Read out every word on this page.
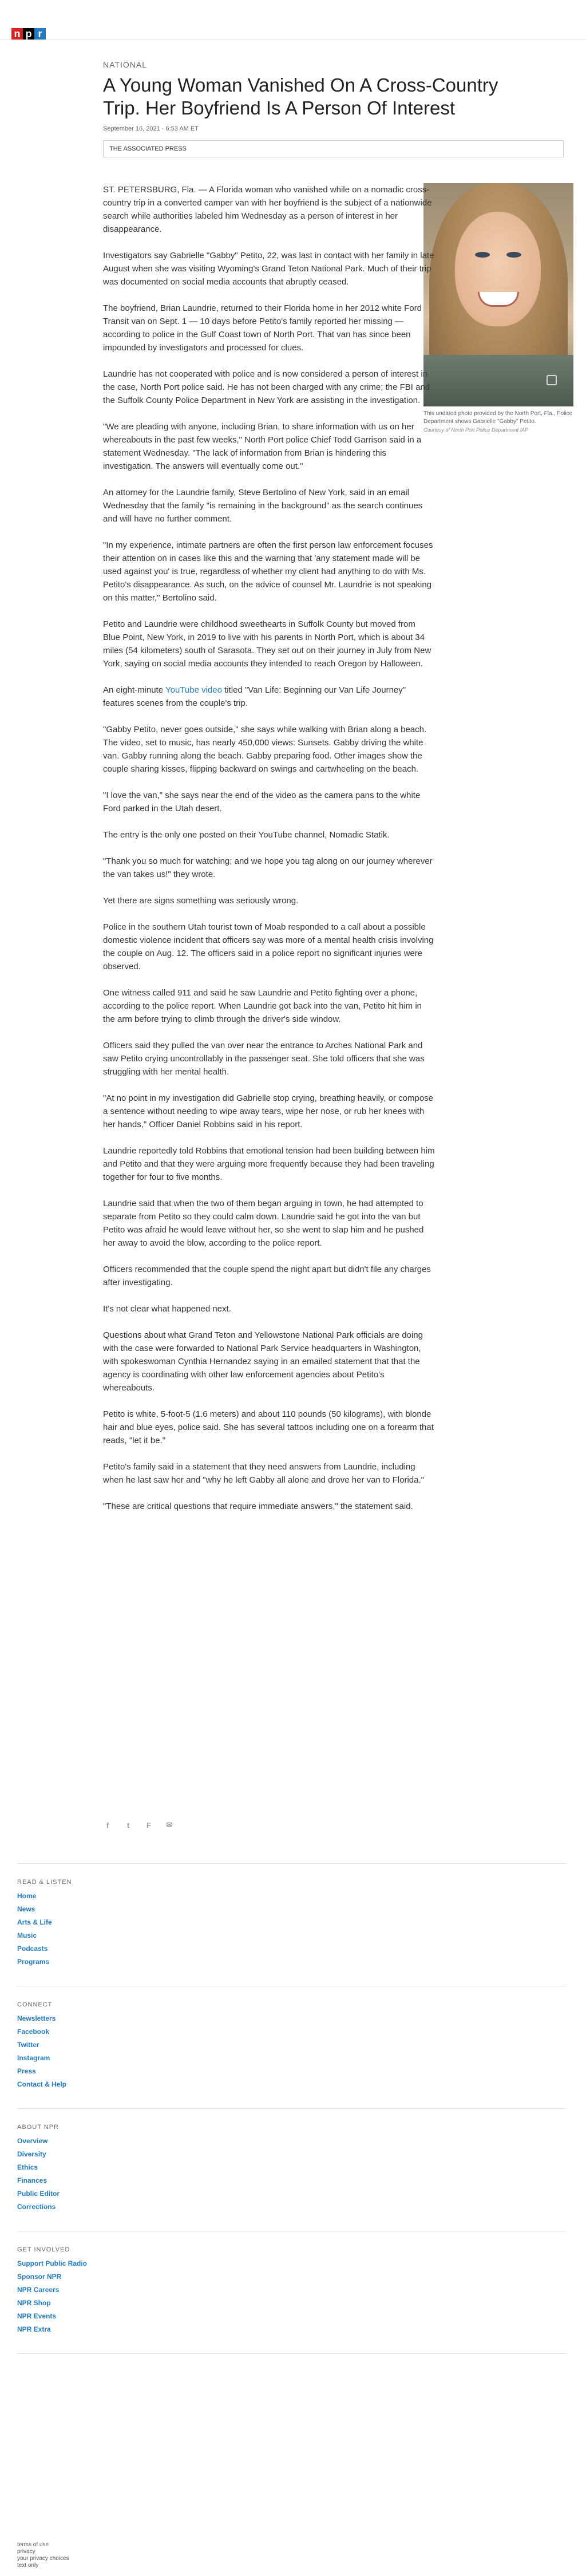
n p r
NATIONAL
A Young Woman Vanished On A Cross-Country Trip. Her Boyfriend Is A Person Of Interest
September 16, 2021 · 6:53 AM ET
THE ASSOCIATED PRESS
This undated photo provided by the North Port, Fla., Police Department shows Gabrielle "Gabby" Petito.
Courtesy of North Port Police Department /AP

ST. PETERSBURG, Fla. — A Florida woman who vanished while on a nomadic cross-country trip in a converted camper van with her boyfriend is the subject of a nationwide search while authorities labeled him Wednesday as a person of interest in her disappearance.

Investigators say Gabrielle "Gabby" Petito, 22, was last in contact with her family in late August when she was visiting Wyoming's Grand Teton National Park. Much of their trip was documented on social media accounts that abruptly ceased.

The boyfriend, Brian Laundrie, returned to their Florida home in her 2012 white Ford Transit van on Sept. 1 — 10 days before Petito's family reported her missing — according to police in the Gulf Coast town of North Port. That van has since been impounded by investigators and processed for clues.

Laundrie has not cooperated with police and is now considered a person of interest in the case, North Port police said. He has not been charged with any crime; the FBI and the Suffolk County Police Department in New York are assisting in the investigation.

"We are pleading with anyone, including Brian, to share information with us on her whereabouts in the past few weeks," North Port police Chief Todd Garrison said in a statement Wednesday. "The lack of information from Brian is hindering this investigation. The answers will eventually come out."

An attorney for the Laundrie family, Steve Bertolino of New York, said in an email Wednesday that the family "is remaining in the background" as the search continues and will have no further comment.

"In my experience, intimate partners are often the first person law enforcement focuses their attention on in cases like this and the warning that 'any statement made will be used against you' is true, regardless of whether my client had anything to do with Ms. Petito's disappearance. As such, on the advice of counsel Mr. Laundrie is not speaking on this matter," Bertolino said.

Petito and Laundrie were childhood sweethearts in Suffolk County but moved from Blue Point, New York, in 2019 to live with his parents in North Port, which is about 34 miles (54 kilometers) south of Sarasota. They set out on their journey in July from New York, saying on social media accounts they intended to reach Oregon by Halloween.

An eight-minute YouTube video titled "Van Life: Beginning our Van Life Journey" features scenes from the couple's trip.

"Gabby Petito, never goes outside," she says while walking with Brian along a beach. The video, set to music, has nearly 450,000 views: Sunsets. Gabby driving the white van. Gabby running along the beach. Gabby preparing food. Other images show the couple sharing kisses, flipping backward on swings and cartwheeling on the beach.

"I love the van," she says near the end of the video as the camera pans to the white Ford parked in the Utah desert.

The entry is the only one posted on their YouTube channel, Nomadic Statik.

"Thank you so much for watching; and we hope you tag along on our journey wherever the van takes us!" they wrote.

Yet there are signs something was seriously wrong.

Police in the southern Utah tourist town of Moab responded to a call about a possible domestic violence incident that officers say was more of a mental health crisis involving the couple on Aug. 12. The officers said in a police report no significant injuries were observed.

One witness called 911 and said he saw Laundrie and Petito fighting over a phone, according to the police report. When Laundrie got back into the van, Petito hit him in the arm before trying to climb through the driver's side window.

Officers said they pulled the van over near the entrance to Arches National Park and saw Petito crying uncontrollably in the passenger seat. She told officers that she was struggling with her mental health.

"At no point in my investigation did Gabrielle stop crying, breathing heavily, or compose a sentence without needing to wipe away tears, wipe her nose, or rub her knees with her hands," Officer Daniel Robbins said in his report.

Laundrie reportedly told Robbins that emotional tension had been building between him and Petito and that they were arguing more frequently because they had been traveling together for four to five months.

Laundrie said that when the two of them began arguing in town, he had attempted to separate from Petito so they could calm down. Laundrie said he got into the van but Petito was afraid he would leave without her, so she went to slap him and he pushed her away to avoid the blow, according to the police report.

Officers recommended that the couple spend the night apart but didn't file any charges after investigating.

It's not clear what happened next.

Questions about what Grand Teton and Yellowstone National Park officials are doing with the case were forwarded to National Park Service headquarters in Washington, with spokeswoman Cynthia Hernandez saying in an emailed statement that that the agency is coordinating with other law enforcement agencies about Petito's whereabouts.

Petito is white, 5-foot-5 (1.6 meters) and about 110 pounds (50 kilograms), with blonde hair and blue eyes, police said. She has several tattoos including one on a forearm that reads, "let it be."

Petito's family said in a statement that they need answers from Laundrie, including when he last saw her and "why he left Gabby all alone and drove her van to Florida."

"These are critical questions that require immediate answers," the statement said.

f	t	F	✉
READ & LISTEN
Home
News
Arts & Life
Music
Podcasts
Programs
CONNECT
Newsletters
Facebook
Twitter
Instagram
Press
Contact & Help
ABOUT NPR
Overview
Diversity
Ethics
Finances
Public Editor
Corrections
GET INVOLVED
Support Public Radio
Sponsor NPR
NPR Careers
NPR Shop
NPR Events
NPR Extra
terms of use
privacy
your privacy choices
text only
